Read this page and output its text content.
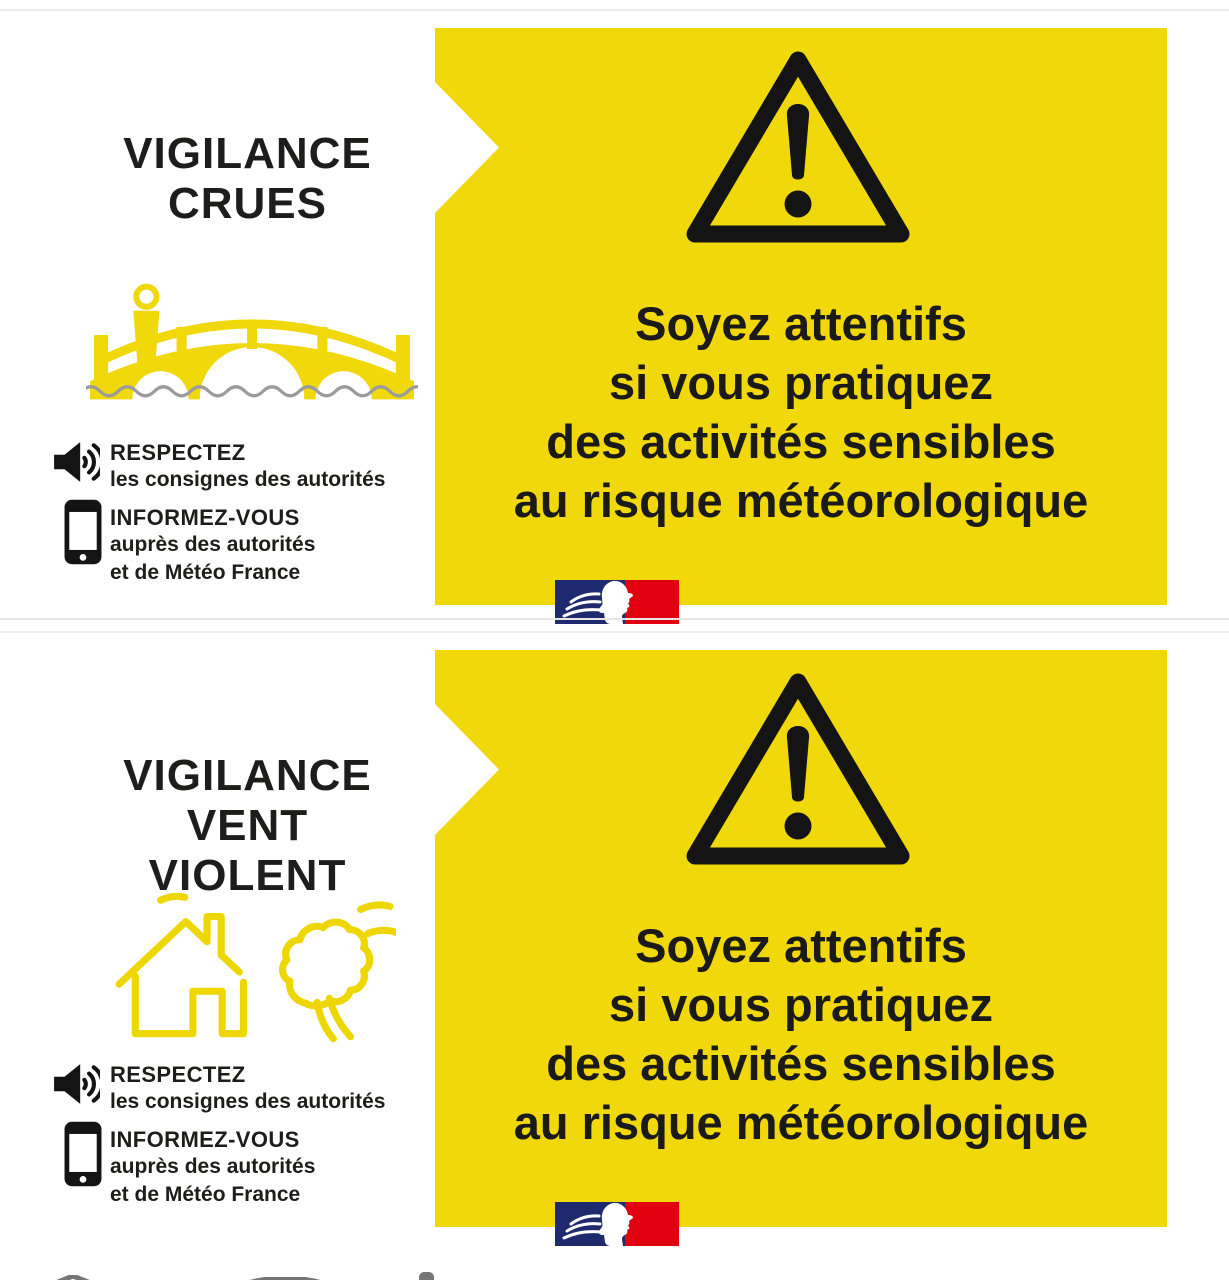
VIGILANCE
CRUES
RESPECTEZ
les consignes des autorités
INFORMEZ-VOUS
auprès des autorités
et de Météo France
Soyez attentifs
si vous pratiquez
des activités sensibles
au risque météorologique
VIGILANCE
VENT
VIOLENT
RESPECTEZ
les consignes des autorités
INFORMEZ-VOUS
auprès des autorités
et de Météo France
Soyez attentifs
si vous pratiquez
des activités sensibles
au risque météorologique
